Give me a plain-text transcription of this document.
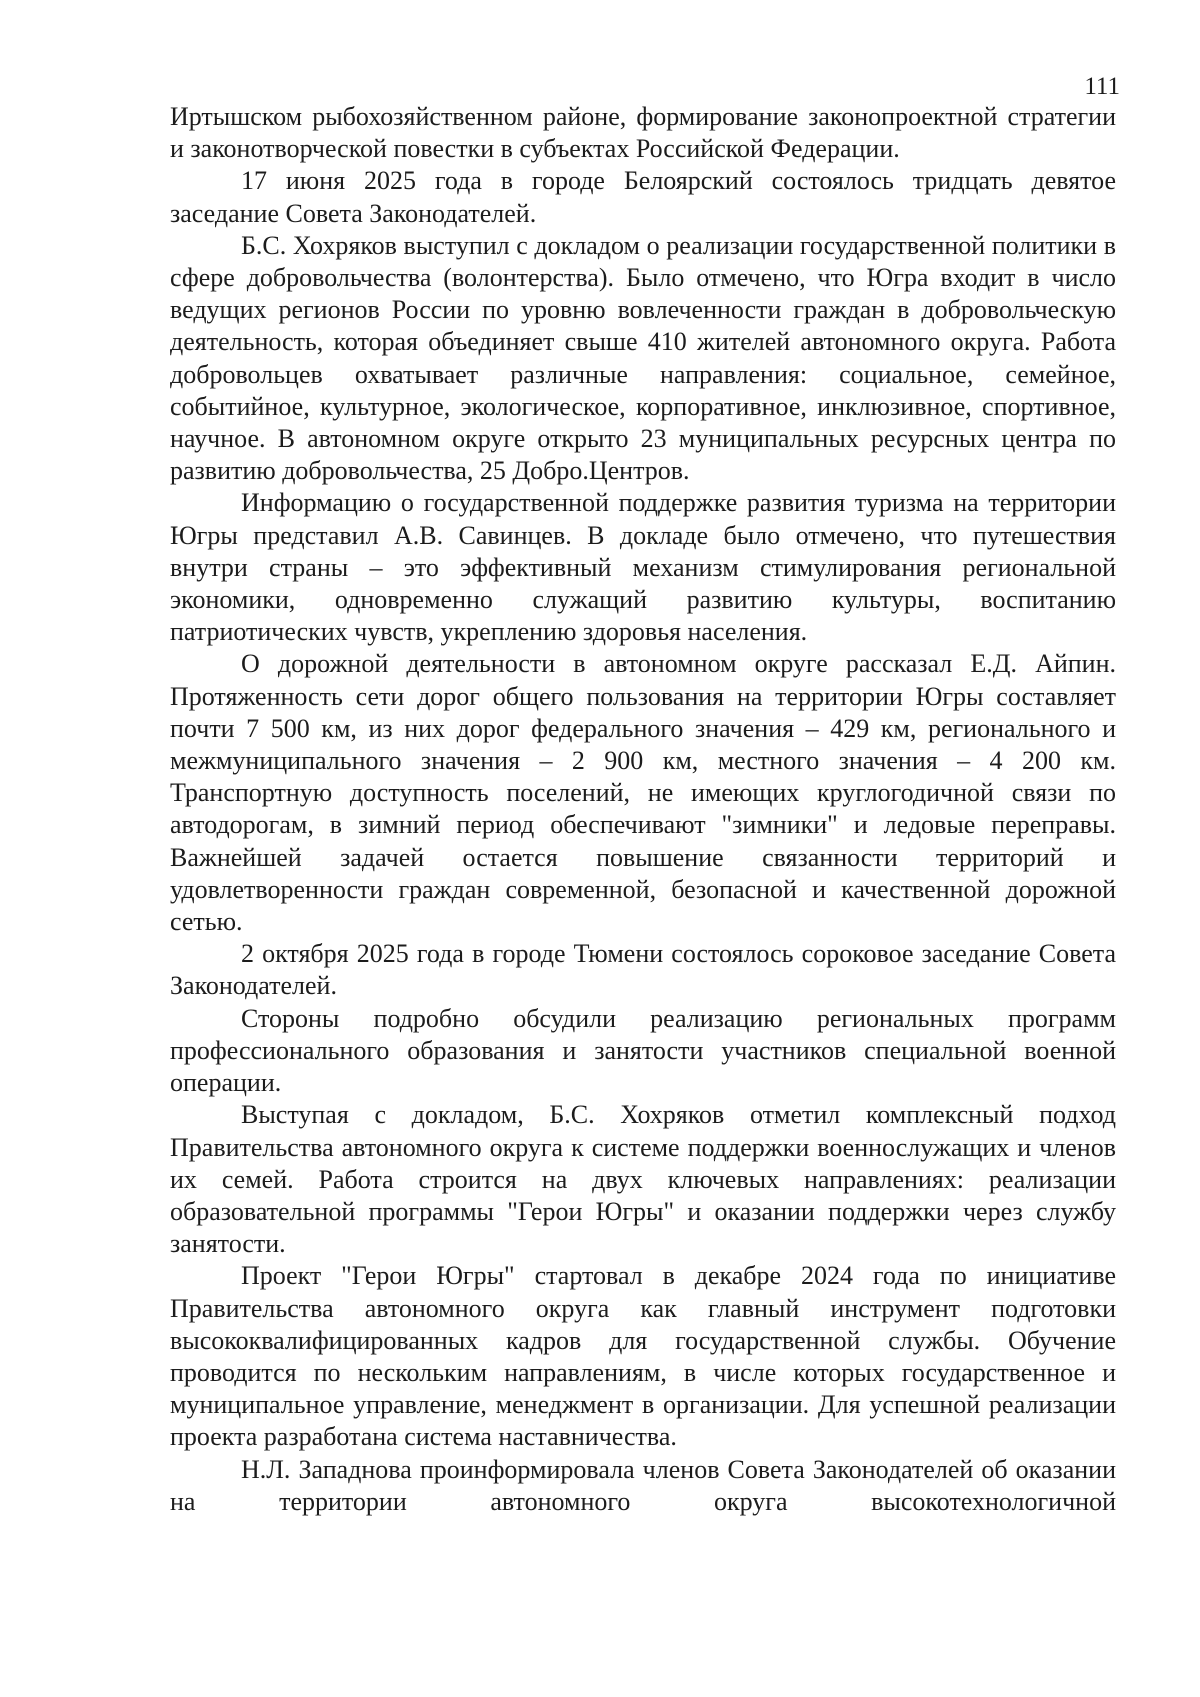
111

Иртышском рыбохозяйственном районе, формирование законопроектной стратегии и законотворческой повестки в субъектах Российской Федерации.

17 июня 2025 года в городе Белоярский состоялось тридцать девятое заседание Совета Законодателей.

Б.С. Хохряков выступил с докладом о реализации государственной политики в сфере добровольчества (волонтерства). Было отмечено, что Югра входит в число ведущих регионов России по уровню вовлеченности граждан в добровольческую деятельность, которая объединяет свыше 410 жителей автономного округа. Работа добровольцев охватывает различные направления: социальное, семейное, событийное, культурное, экологическое, корпоративное, инклюзивное, спортивное, научное. В автономном округе открыто 23 муниципальных ресурсных центра по развитию добровольчества, 25 Добро.Центров.

Информацию о государственной поддержке развития туризма на территории Югры представил А.В. Савинцев. В докладе было отмечено, что путешествия внутри страны – это эффективный механизм стимулирования региональной экономики, одновременно служащий развитию культуры, воспитанию патриотических чувств, укреплению здоровья населения.

О дорожной деятельности в автономном округе рассказал Е.Д. Айпин. Протяженность сети дорог общего пользования на территории Югры составляет почти 7 500 км, из них дорог федерального значения – 429 км, регионального и межмуниципального значения – 2 900 км, местного значения – 4 200 км. Транспортную доступность поселений, не имеющих круглогодичной связи по автодорогам, в зимний период обеспечивают "зимники" и ледовые переправы. Важнейшей задачей остается повышение связанности территорий и удовлетворенности граждан современной, безопасной и качественной дорожной сетью.

2 октября 2025 года в городе Тюмени состоялось сороковое заседание Совета Законодателей.

Стороны подробно обсудили реализацию региональных программ профессионального образования и занятости участников специальной военной операции.

Выступая с докладом, Б.С. Хохряков отметил комплексный подход Правительства автономного округа к системе поддержки военнослужащих и членов их семей. Работа строится на двух ключевых направлениях: реализации образовательной программы "Герои Югры" и оказании поддержки через службу занятости.

Проект "Герои Югры" стартовал в декабре 2024 года по инициативе Правительства автономного округа как главный инструмент подготовки высококвалифицированных кадров для государственной службы. Обучение проводится по нескольким направлениям, в числе которых государственное и муниципальное управление, менеджмент в организации. Для успешной реализации проекта разработана система наставничества.

Н.Л. Западнова проинформировала членов Совета Законодателей об оказании на территории автономного округа высокотехнологичной
